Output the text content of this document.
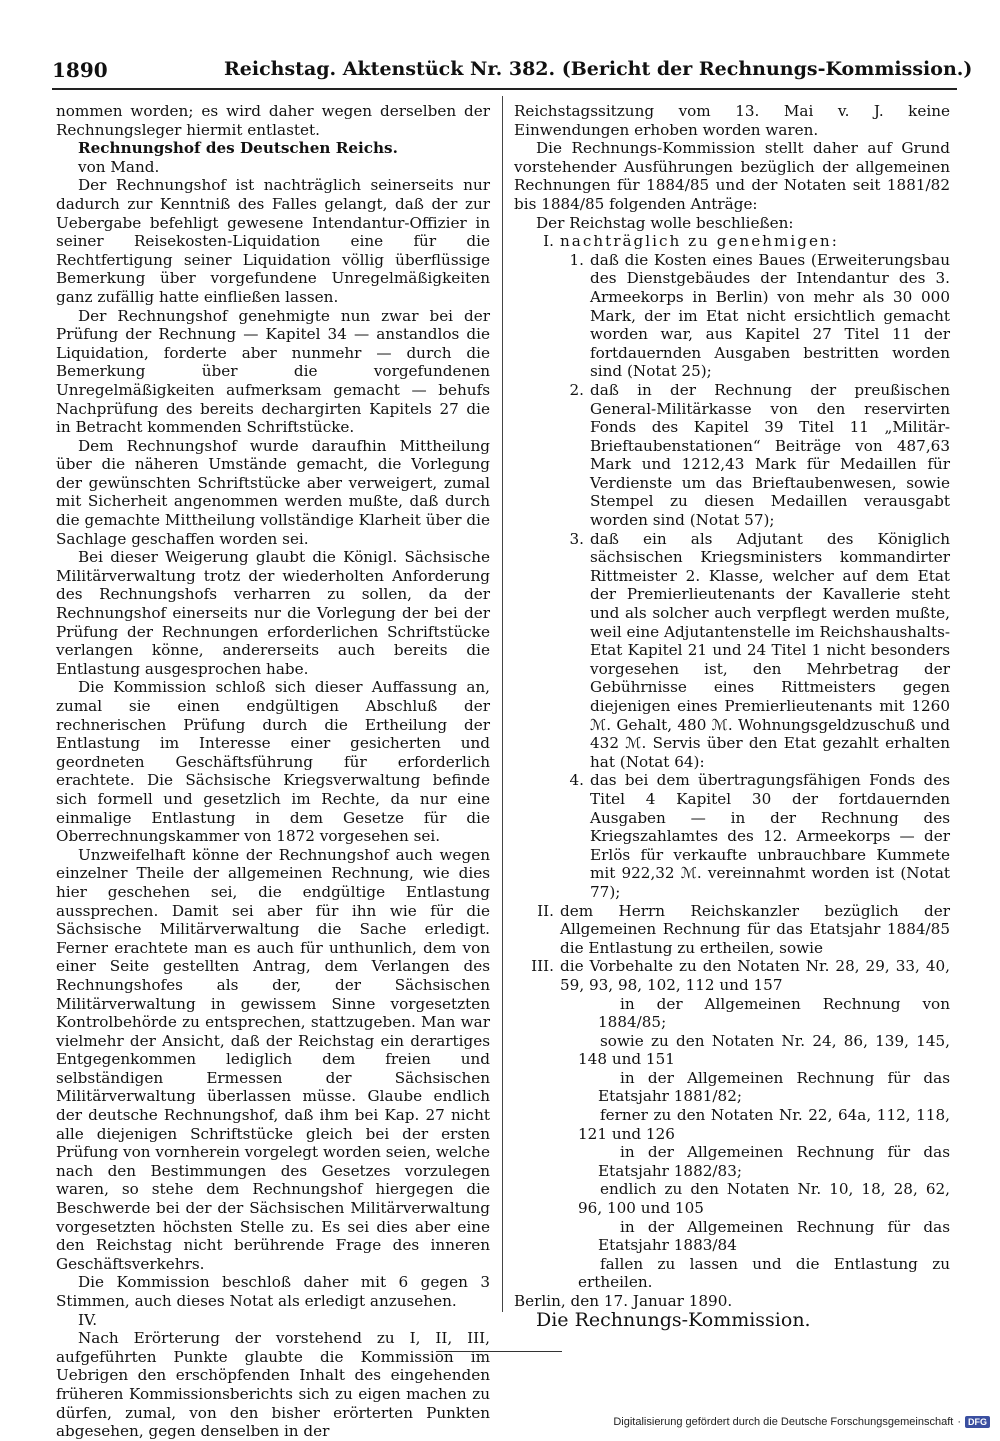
1890	Reichstag. Aktenstück Nr. 382. (Bericht der Rechnungs-Kommission.)

nommen worden; es wird daher wegen derselben der Rechnungsleger hiermit entlastet.

Rechnungshof des Deutschen Reichs.

von Mand.

Der Rechnungshof ist nachträglich seinerseits nur dadurch zur Kenntniß des Falles gelangt, daß der zur Uebergabe befehligt gewesene Intendantur-Offizier in seiner Reisekosten-Liquidation eine für die Rechtfertigung seiner Liquidation völlig überflüssige Bemerkung über vorgefundene Unregelmäßigkeiten ganz zufällig hatte einfließen lassen.

Der Rechnungshof genehmigte nun zwar bei der Prüfung der Rechnung — Kapitel 34 — anstandlos die Liquidation, forderte aber nunmehr — durch die Bemerkung über die vorgefundenen Unregelmäßigkeiten aufmerksam gemacht — behufs Nachprüfung des bereits dechargirten Kapitels 27 die in Betracht kommenden Schriftstücke.

Dem Rechnungshof wurde daraufhin Mittheilung über die näheren Umstände gemacht, die Vorlegung der gewünschten Schriftstücke aber verweigert, zumal mit Sicherheit angenommen werden mußte, daß durch die gemachte Mittheilung vollständige Klarheit über die Sachlage geschaffen worden sei.

Bei dieser Weigerung glaubt die Königl. Sächsische Militärverwaltung trotz der wiederholten Anforderung des Rechnungshofs verharren zu sollen, da der Rechnungshof einerseits nur die Vorlegung der bei der Prüfung der Rechnungen erforderlichen Schriftstücke verlangen könne, andererseits auch bereits die Entlastung ausgesprochen habe.

Die Kommission schloß sich dieser Auffassung an, zumal sie einen endgültigen Abschluß der rechnerischen Prüfung durch die Ertheilung der Entlastung im Interesse einer gesicherten und geordneten Geschäftsführung für erforderlich erachtete. Die Sächsische Kriegsverwaltung befinde sich formell und gesetzlich im Rechte, da nur eine einmalige Entlastung in dem Gesetze für die Oberrechnungskammer von 1872 vorgesehen sei.

Unzweifelhaft könne der Rechnungshof auch wegen einzelner Theile der allgemeinen Rechnung, wie dies hier geschehen sei, die endgültige Entlastung aussprechen. Damit sei aber für ihn wie für die Sächsische Militärverwaltung die Sache erledigt. Ferner erachtete man es auch für unthunlich, dem von einer Seite gestellten Antrag, dem Verlangen des Rechnungshofes als der, der Sächsischen Militärverwaltung in gewissem Sinne vorgesetzten Kontrolbehörde zu entsprechen, stattzugeben. Man war vielmehr der Ansicht, daß der Reichstag ein derartiges Entgegenkommen lediglich dem freien und selbständigen Ermessen der Sächsischen Militärverwaltung überlassen müsse. Glaube endlich der deutsche Rechnungshof, daß ihm bei Kap. 27 nicht alle diejenigen Schriftstücke gleich bei der ersten Prüfung von vornherein vorgelegt worden seien, welche nach den Bestimmungen des Gesetzes vorzulegen waren, so stehe dem Rechnungshof hiergegen die Beschwerde bei der der Sächsischen Militärverwaltung vorgesetzten höchsten Stelle zu. Es sei dies aber eine den Reichstag nicht berührende Frage des inneren Geschäftsverkehrs.

Die Kommission beschloß daher mit 6 gegen 3 Stimmen, auch dieses Notat als erledigt anzusehen.

IV.

Nach Erörterung der vorstehend zu I, II, III, aufgeführten Punkte glaubte die Kommission im Uebrigen den erschöpfenden Inhalt des eingehenden früheren Kommissionsberichts sich zu eigen machen zu dürfen, zumal, von den bisher erörterten Punkten abgesehen, gegen denselben in der

Reichstagssitzung vom 13. Mai v. J. keine Einwendungen erhoben worden waren.

Die Rechnungs-Kommission stellt daher auf Grund vorstehender Ausführungen bezüglich der allgemeinen Rechnungen für 1884/85 und der Notaten seit 1881/82 bis 1884/85 folgenden Anträge:

Der Reichstag wolle beschließen:

I. nachträglich zu genehmigen:
1. daß die Kosten eines Baues (Erweiterungsbau des Dienstgebäudes der Intendantur des 3. Armeekorps in Berlin) von mehr als 30 000 Mark, der im Etat nicht ersichtlich gemacht worden war, aus Kapitel 27 Titel 11 der fortdauernden Ausgaben bestritten worden sind (Notat 25);
2. daß in der Rechnung der preußischen General-Militärkasse von den reservirten Fonds des Kapitel 39 Titel 11 „Militär-Brieftaubenstationen“ Beiträge von 487,63 Mark und 1212,43 Mark für Medaillen für Verdienste um das Brieftaubenwesen, sowie Stempel zu diesen Medaillen verausgabt worden sind (Notat 57);
3. daß ein als Adjutant des Königlich sächsischen Kriegsministers kommandirter Rittmeister 2. Klasse, welcher auf dem Etat der Premierlieutenants der Kavallerie steht und als solcher auch verpflegt werden mußte, weil eine Adjutantenstelle im Reichshaushalts-Etat Kapitel 21 und 24 Titel 1 nicht besonders vorgesehen ist, den Mehrbetrag der Gebührnisse eines Rittmeisters gegen diejenigen eines Premierlieutenants mit 1260 ℳ. Gehalt, 480 ℳ. Wohnungsgeldzuschuß und 432 ℳ. Servis über den Etat gezahlt erhalten hat (Notat 64):
4. das bei dem übertragungsfähigen Fonds des Titel 4 Kapitel 30 der fortdauernden Ausgaben — in der Rechnung des Kriegszahlamtes des 12. Armeekorps — der Erlös für verkaufte unbrauchbare Kummete mit 922,32 ℳ. vereinnahmt worden ist (Notat 77);
II. dem Herrn Reichskanzler bezüglich der Allgemeinen Rechnung für das Etatsjahr 1884/85 die Entlastung zu ertheilen, sowie
III. die Vorbehalte zu den Notaten Nr. 28, 29, 33, 40, 59, 93, 98, 102, 112 und 157

in der Allgemeinen Rechnung von 1884/85;

sowie zu den Notaten Nr. 24, 86, 139, 145, 148 und 151

in der Allgemeinen Rechnung für das Etatsjahr 1881/82;

ferner zu den Notaten Nr. 22, 64a, 112, 118, 121 und 126

in der Allgemeinen Rechnung für das Etatsjahr 1882/83;

endlich zu den Notaten Nr. 10, 18, 28, 62, 96, 100 und 105

in der Allgemeinen Rechnung für das Etatsjahr 1883/84

fallen zu lassen und die Entlastung zu ertheilen.

Berlin, den 17. Januar 1890.

Die Rechnungs-Kommission.

Digitalisierung gefördert durch die Deutsche Forschungsgemeinschaft · DFG
